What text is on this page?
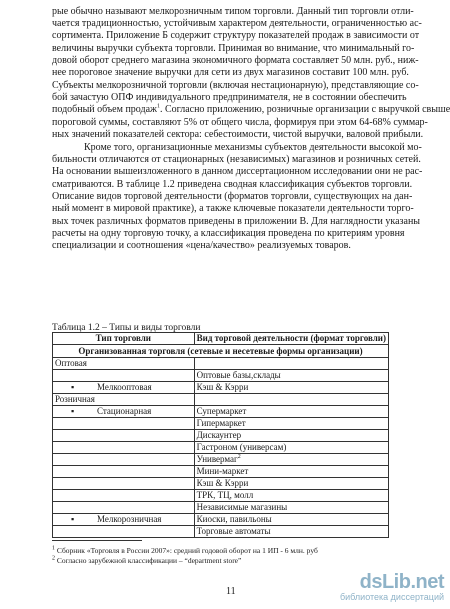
рые обычно называют мелкорозничным типом торговли. Данный тип торговли отли-
чается традиционностью, устойчивым характером деятельности, ограниченностью ас-
сортимента. Приложение Б содержит структуру показателей продаж в зависимости от
величины выручки субъекта торговли. Принимая во внимание, что минимальный го-
довой оборот среднего магазина экономичного формата составляет 50 млн. руб., ниж-
нее пороговое значение выручки для сети из двух магазинов составит 100 млн. руб.
Субъекты мелкорозничной торговли (включая нестационарную), представляющие со-
бой зачастую ОПФ индивидуального предпринимателя, не в состоянии обеспечить
подобный объем продаж$^1$. Согласно приложению, розничные организации с выручкой свыше
пороговой суммы, составляют 5% от общего числа, формируя при этом 64-68% суммар-
ных значений показателей сектора: себестоимости, чистой выручки, валовой прибыли.
Кроме того, организационные механизмы субъектов деятельности высокой мо-
бильности отличаются от стационарных (независимых) магазинов и розничных сетей.
На основании вышеизложенного в данном диссертационном исследовании они не рас-
сматриваются. В таблице 1.2 приведена сводная классификация субъектов торговли.
Описание видов торговой деятельности (форматов торговли, существующих на дан-
ный момент в мировой практике), а также ключевые показатели деятельности торго-
вых точек различных форматов приведены в приложении В. Для наглядности указаны
расчеты на одну торговую точку, а классификация проведена по критериям уровня
специализации и соотношения «цена/качество» реализуемых товаров.
Таблица 1.2 – Типы и виды торговли
Тип торговли	Вид торговой деятельности (формат торговли)
Организованная торговля (сетевые и несетевые формы организации)	
Оптовая	
	Оптовые базы,склады
▪ Мелкооптовая	Кэш & Кэрри
Розничная	
▪ Стационарная	Супермаркет
	Гипермаркет
	Дискаунтер
	Гастроном (универсам)
	Универмаг$^2$
	Мини-маркет
	Кэш & Кэрри
	ТРК, ТЦ, молл
	Независимые магазины
▪ Мелкорозничная	Киоски, павильоны
	Торговые автоматы
$^1$ Сборник «Торговля в России 2007»: средний годовой оборот на 1 ИП - 6 млн. руб
$^2$ Согласно зарубежной классификации – “department store”
11	dsLib.net
библиотека диссертаций
